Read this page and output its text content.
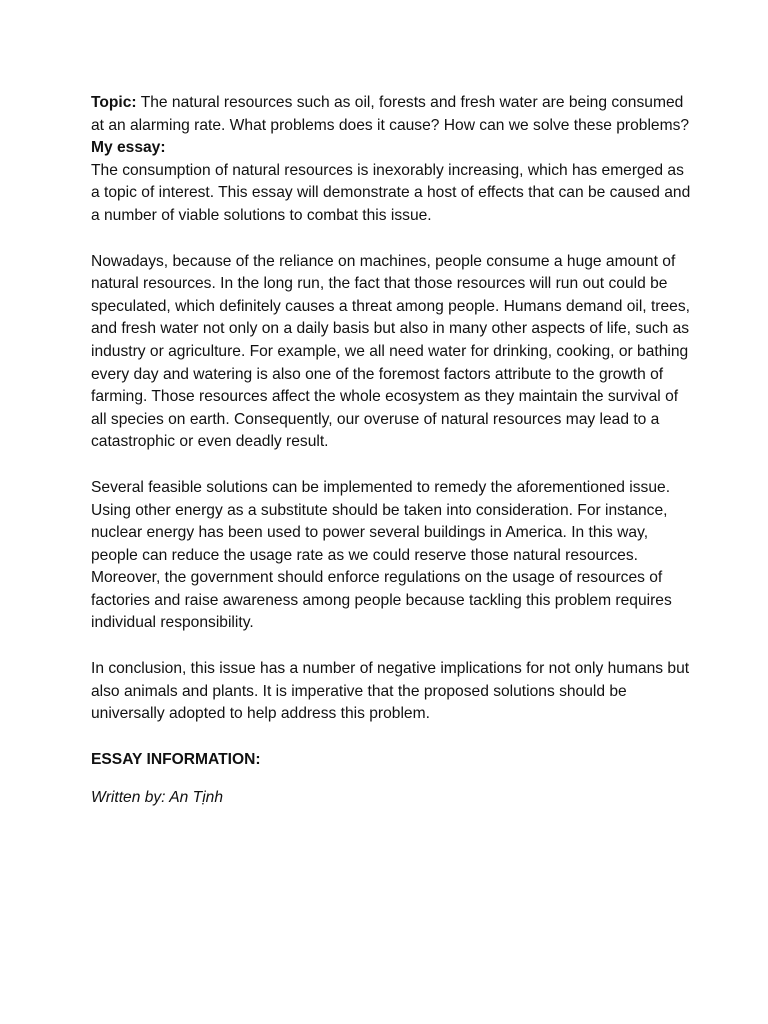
Topic: The natural resources such as oil, forests and fresh water are being consumed at an alarming rate. What problems does it cause? How can we solve these problems?

My essay:

The consumption of natural resources is inexorably increasing, which has emerged as a topic of interest. This essay will demonstrate a host of effects that can be caused and a number of viable solutions to combat this issue.

Nowadays, because of the reliance on machines, people consume a huge amount of natural resources. In the long run, the fact that those resources will run out could be speculated, which definitely causes a threat among people. Humans demand oil, trees, and fresh water not only on a daily basis but also in many other aspects of life, such as industry or agriculture. For example, we all need water for drinking, cooking, or bathing every day and watering is also one of the foremost factors attribute to the growth of farming. Those resources affect the whole ecosystem as they maintain the survival of all species on earth. Consequently, our overuse of natural resources may lead to a catastrophic or even deadly result.

Several feasible solutions can be implemented to remedy the aforementioned issue. Using other energy as a substitute should be taken into consideration. For instance, nuclear energy has been used to power several buildings in America. In this way, people can reduce the usage rate as we could reserve those natural resources. Moreover, the government should enforce regulations on the usage of resources of factories and raise awareness among people because tackling this problem requires individual responsibility.

In conclusion, this issue has a number of negative implications for not only humans but also animals and plants. It is imperative that the proposed solutions should be universally adopted to help address this problem.

ESSAY INFORMATION:

Written by: An Tịnh
